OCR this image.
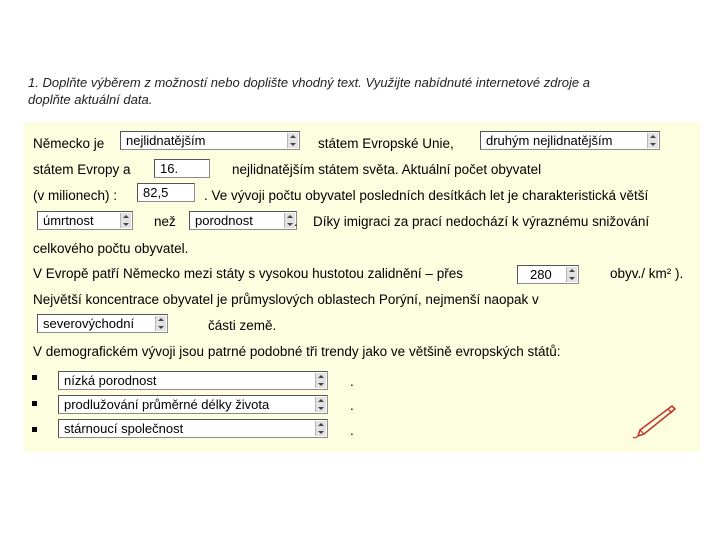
1. Doplňte výběrem z možností nebo doplište vhodný text. Využijte nabídnuté internetové zdroje a
doplňte aktuální data.
Německo je nejlidnatějším	státem Evropské Unie, druhým nejlidnatějším
státem Evropy a 16.	nejlidnatějším státem světa. Aktuální počet obyvatel
(v milionech) : 82,5	. Ve vývoji počtu obyvatel posledních desítkách let je charakteristická větší
úmrtnost	než porodnost	. Díky imigraci za prací nedochází k výraznému snižování
celkového počtu obyvatel.
V Evropě patří Německo mezi státy s vysokou hustotou zalidnění – přes	280	obyv./ km² ).
Největší koncentrace obyvatel je průmyslových oblastech Porýní, nejmenší naopak v
severovýchodní	části země.
V demografickém vývoji jsou patrné podobné tři trendy jako ve většině evropských států:
nízká porodnost	.
prodlužování průměrné délky života	.
stárnoucí společnost	.
